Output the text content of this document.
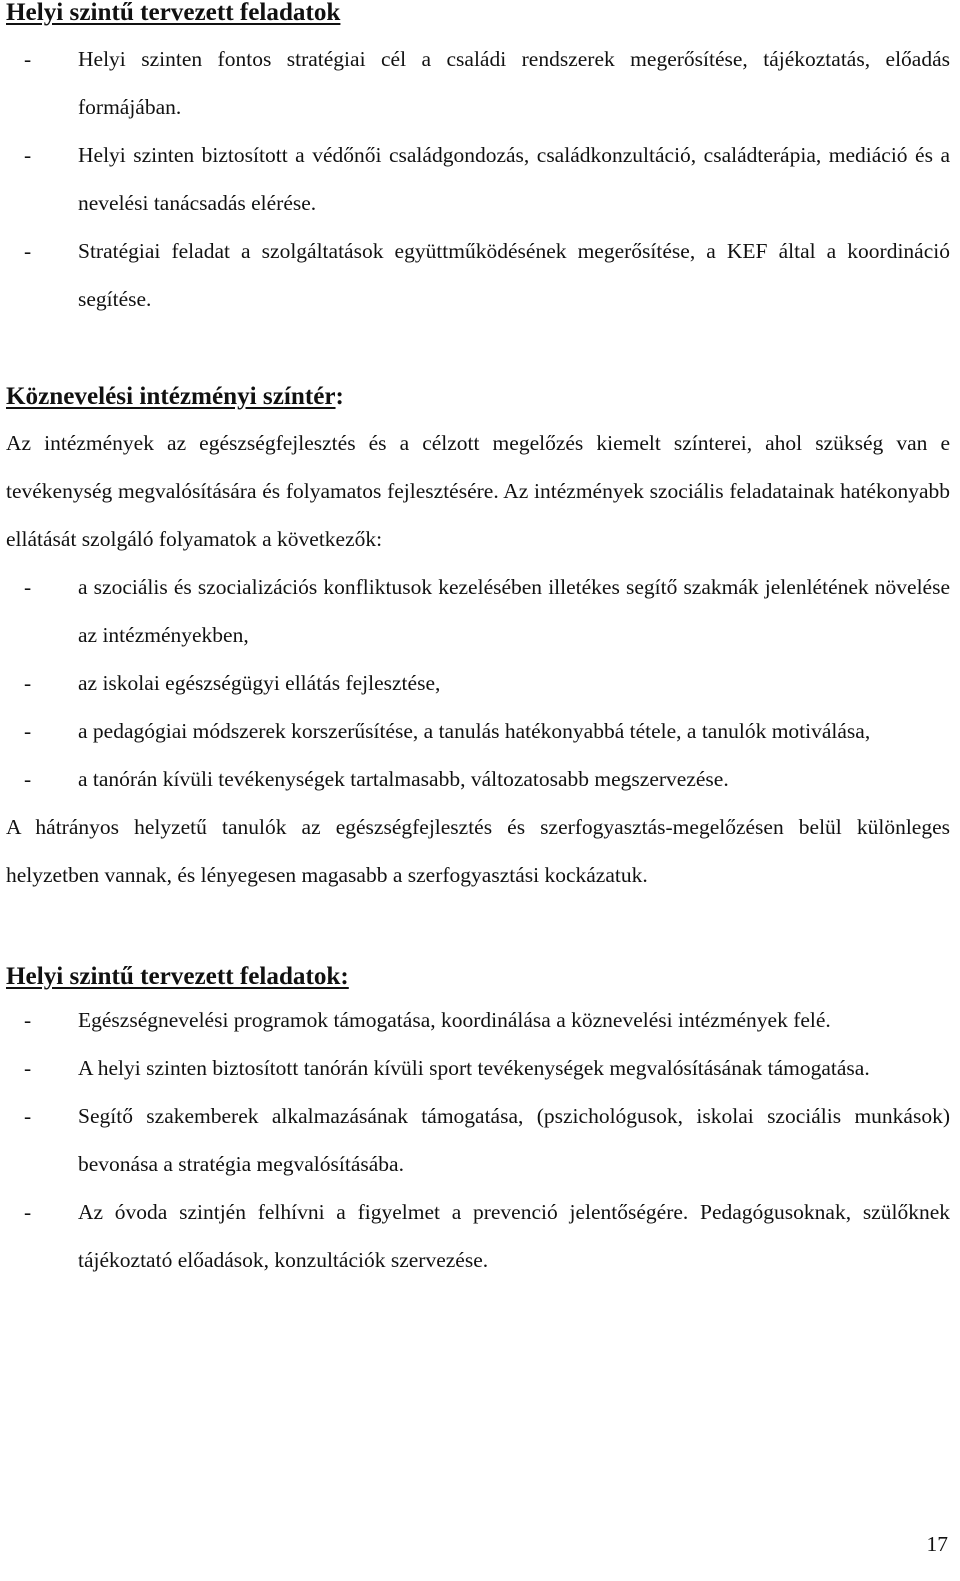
Helyi szintű tervezett feladatok
- Helyi szinten fontos stratégiai cél a családi rendszerek megerősítése, tájékoztatás, előadás formájában.
- Helyi szinten biztosított a védőnői családgondozás, családkonzultáció, családterápia, mediáció és a nevelési tanácsadás elérése.
- Stratégiai feladat a szolgáltatások együttműködésének megerősítése, a KEF által a koordináció segítése.
Köznevelési intézményi színtér:

Az intézmények az egészségfejlesztés és a célzott megelőzés kiemelt színterei, ahol szükség van e tevékenység megvalósítására és folyamatos fejlesztésére. Az intézmények szociális feladatainak hatékonyabb ellátását szolgáló folyamatok a következők:

- a szociális és szocializációs konfliktusok kezelésében illetékes segítő szakmák jelenlétének növelése az intézményekben,
- az iskolai egészségügyi ellátás fejlesztése,
- a pedagógiai módszerek korszerűsítése, a tanulás hatékonyabbá tétele, a tanulók motiválása,
- a tanórán kívüli tevékenységek tartalmasabb, változatosabb megszervezése.

A hátrányos helyzetű tanulók az egészségfejlesztés és szerfogyasztás-megelőzésen belül különleges helyzetben vannak, és lényegesen magasabb a szerfogyasztási kockázatuk.

Helyi szintű tervezett feladatok:
- Egészségnevelési programok támogatása, koordinálása a köznevelési intézmények felé.
- A helyi szinten biztosított tanórán kívüli sport tevékenységek megvalósításának támogatása.
- Segítő szakemberek alkalmazásának támogatása, (pszichológusok, iskolai szociális munkások) bevonása a stratégia megvalósításába.
- Az óvoda szintjén felhívni a figyelmet a prevenció jelentőségére. Pedagógusoknak, szülőknek tájékoztató előadások, konzultációk szervezése.
17
